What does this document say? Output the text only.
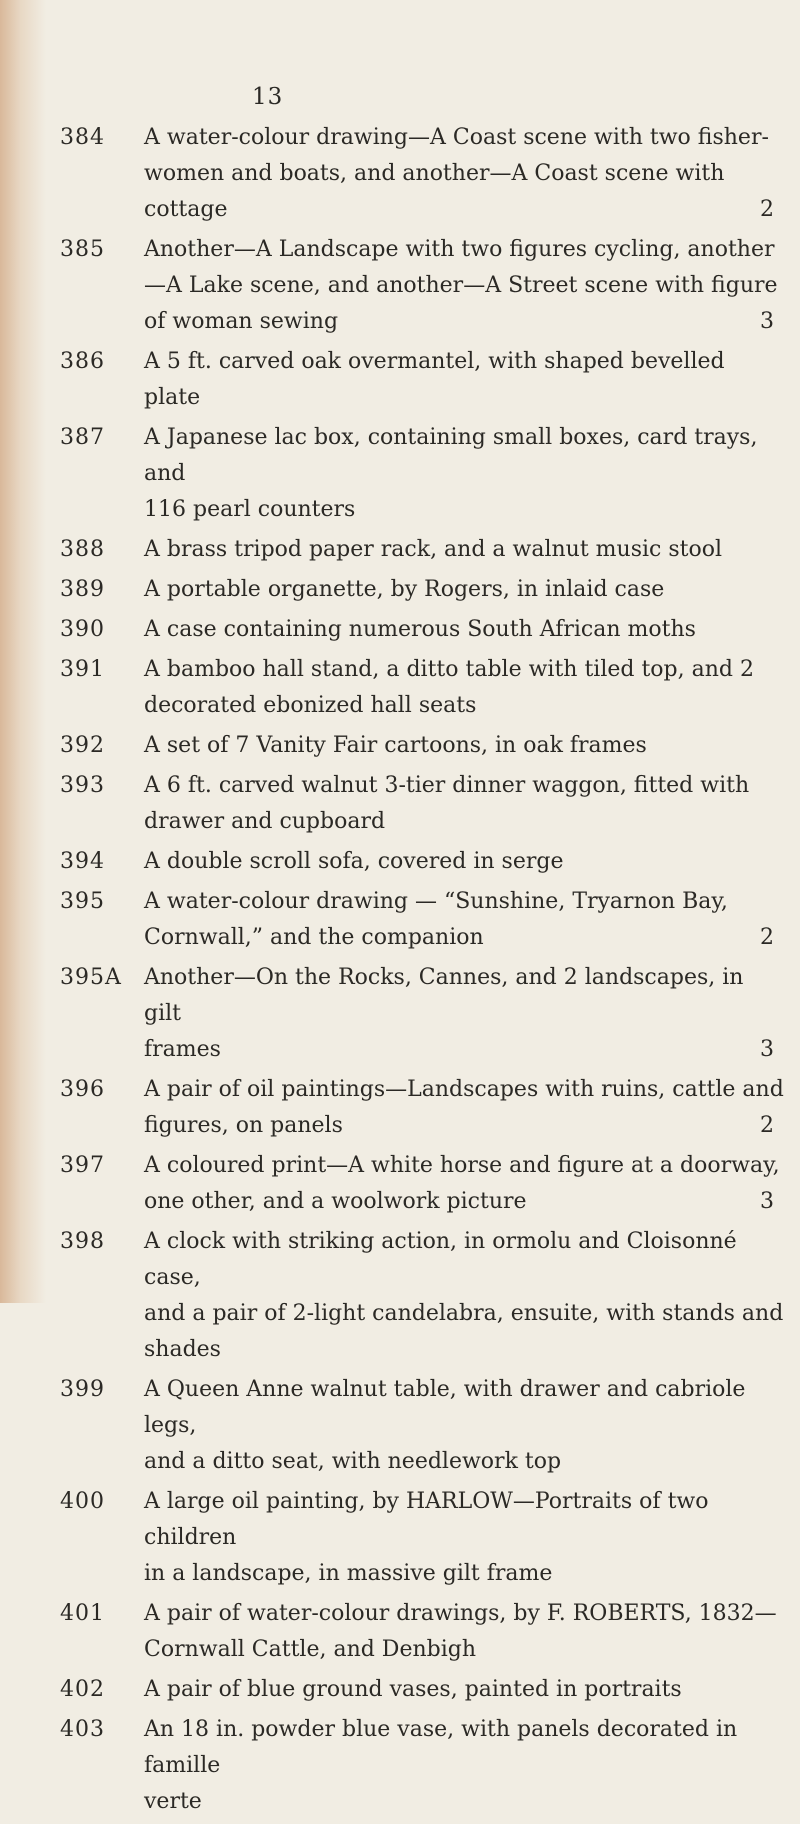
13
384	A water-colour drawing—A Coast scene with two fisher-
women and boats, and another—A Coast scene with
cottage	2
385	Another—A Landscape with two figures cycling, another
—A Lake scene, and another—A Street scene with figure
of woman sewing	3
386	A 5 ft. carved oak overmantel, with shaped bevelled
plate
387	A Japanese lac box, containing small boxes, card trays, and
116 pearl counters
388	A brass tripod paper rack, and a walnut music stool
389	A portable organette, by Rogers, in inlaid case
390	A case containing numerous South African moths
391	A bamboo hall stand, a ditto table with tiled top, and 2
decorated ebonized hall seats
392	A set of 7 Vanity Fair cartoons, in oak frames
393	A 6 ft. carved walnut 3-tier dinner waggon, fitted with
drawer and cupboard
394	A double scroll sofa, covered in serge
395	A water-colour drawing — “Sunshine, Tryarnon Bay,
Cornwall,” and the companion	2
395A	Another—On the Rocks, Cannes, and 2 landscapes, in gilt
frames	3
396	A pair of oil paintings—Landscapes with ruins, cattle and
figures, on panels	2
397	A coloured print—A white horse and figure at a doorway,
one other, and a woolwork picture	3
398	A clock with striking action, in ormolu and Cloisonné case,
and a pair of 2-light candelabra, ensuite, with stands and
shades
399	A Queen Anne walnut table, with drawer and cabriole legs,
and a ditto seat, with needlework top
400	A large oil painting, by HARLOW—Portraits of two children
in a landscape, in massive gilt frame
401	A pair of water-colour drawings, by F. ROBERTS, 1832—
Cornwall Cattle, and Denbigh
402	A pair of blue ground vases, painted in portraits
403	An 18 in. powder blue vase, with panels decorated in famille
verte
